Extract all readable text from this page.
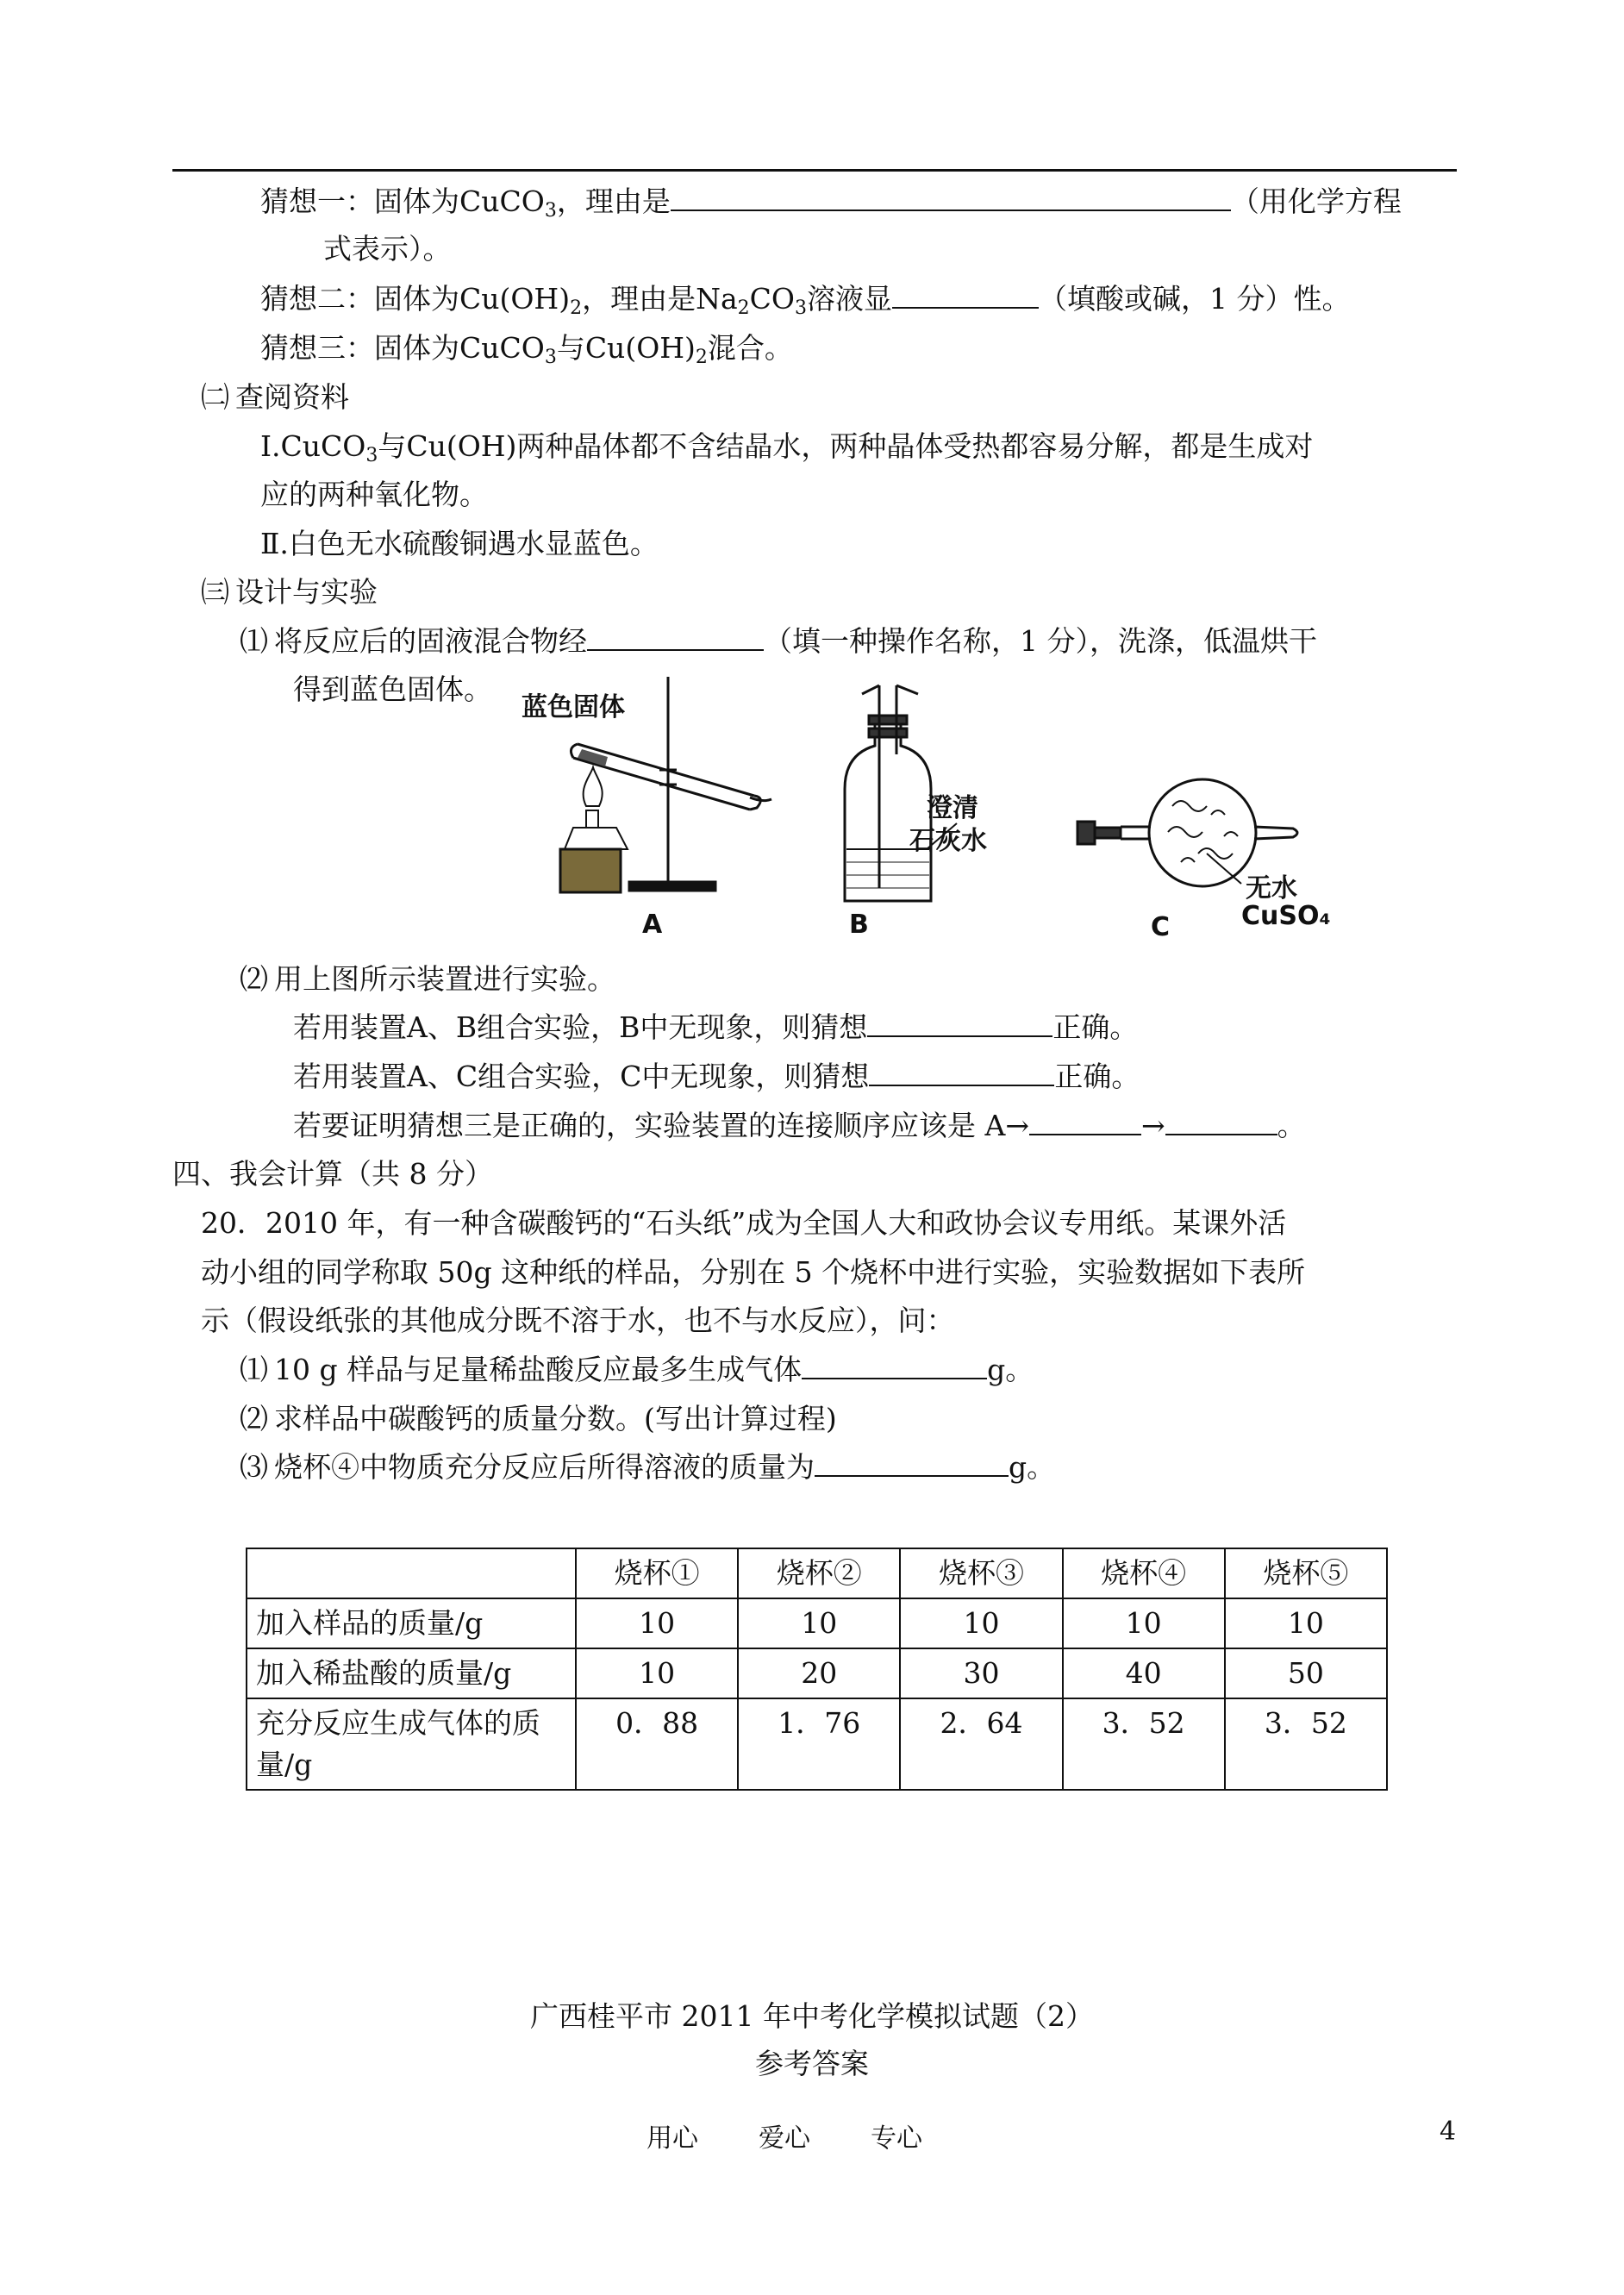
猜想一：固体为CuCO$_3$，理由是	（用化学方程
式表示）。
猜想二：固体为$Cu(OH)_2$，理由是$Na_2CO_3$溶液显	（填酸或碱，1 分）性。
猜想三：固体为CuCO$_3$与$Cu(OH)_2$混合。
㈡ 查阅资料
Ⅰ.CuCO$_3$与Cu(OH)两种晶体都不含结晶水，两种晶体受热都容易分解，都是生成对
应的两种氧化物。
Ⅱ.白色无水硫酸铜遇水显蓝色。
㈢ 设计与实验
⑴ 将反应后的固液混合物经	（填一种操作名称，1 分），洗涤，低温烘干
得到蓝色固体。
蓝色固体
澄清
石灰水
无水
CuSO₄
A	B	C
⑵ 用上图所示装置进行实验。
若用装置A、B组合实验，B中无现象，则猜想	正确。
若用装置A、C组合实验，C中无现象，则猜想	正确。
若要证明猜想三是正确的，实验装置的连接顺序应该是 A→	→	。
四、我会计算（共 8 分）
20．2010 年，有一种含碳酸钙的“石头纸”成为全国人大和政协会议专用纸。某课外活
动小组的同学称取 50g 这种纸的样品，分别在 5 个烧杯中进行实验，实验数据如下表所
示（假设纸张的其他成分既不溶于水，也不与水反应），问：
⑴ 10 g 样品与足量稀盐酸反应最多生成气体	g。
⑵ 求样品中碳酸钙的质量分数。(写出计算过程)
⑶ 烧杯④中物质充分反应后所得溶液的质量为	g。
	烧杯①	烧杯②	烧杯③	烧杯④	烧杯⑤
加入样品的质量/g	10	10	10	10	10
加入稀盐酸的质量/g	10	20	30	40	50
充分反应生成气体的质量/g	0．88	1．76	2．64	3．52	3．52
广西桂平市 2011 年中考化学模拟试题（2）
参考答案
用心 爱心 专心	4
